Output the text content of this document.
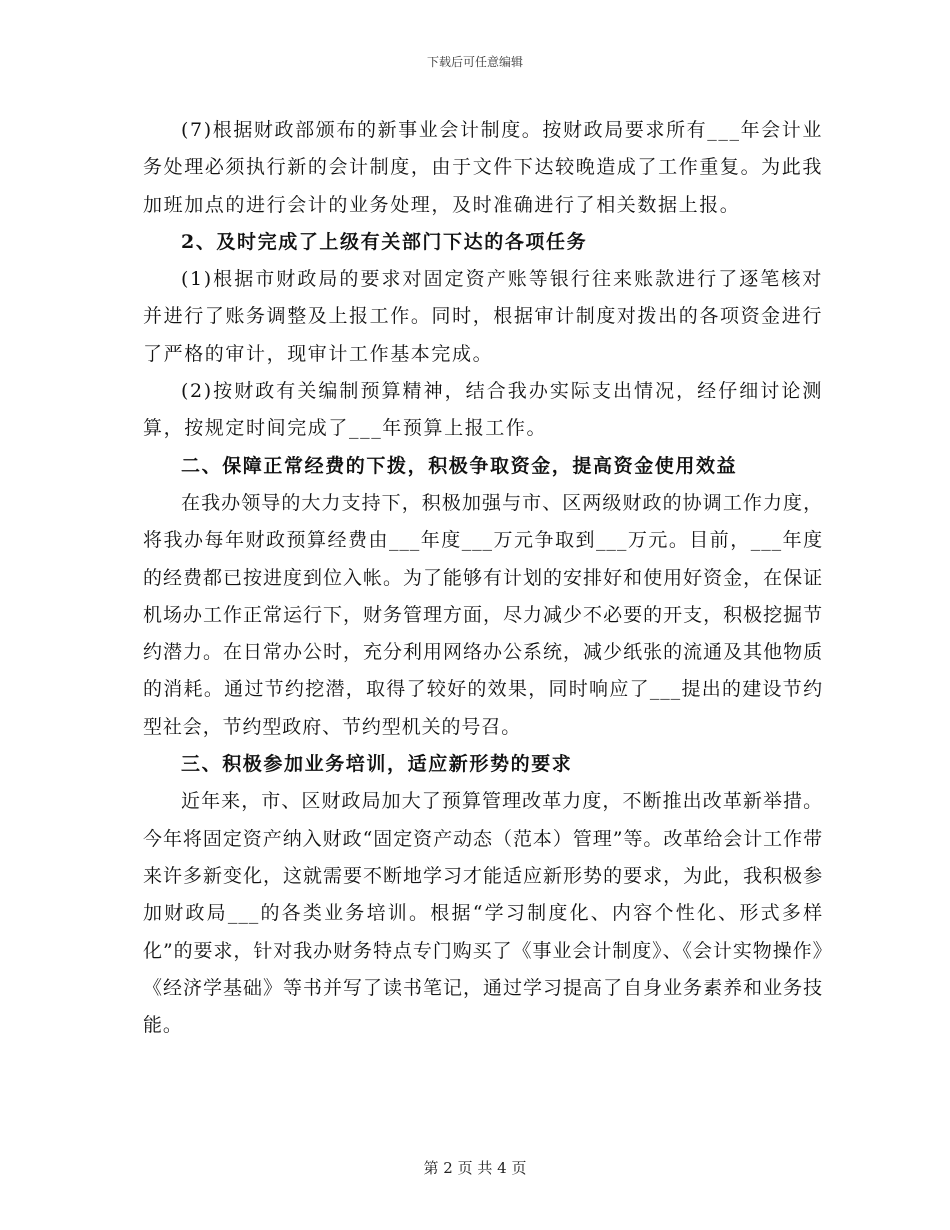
下载后可任意编辑

(7)根据财政部颁布的新事业会计制度。按财政局要求所有___年会计业务处理必须执行新的会计制度，由于文件下达较晚造成了工作重复。为此我加班加点的进行会计的业务处理，及时准确进行了相关数据上报。

2、及时完成了上级有关部门下达的各项任务

(1)根据市财政局的要求对固定资产账等银行往来账款进行了逐笔核对并进行了账务调整及上报工作。同时，根据审计制度对拨出的各项资金进行了严格的审计，现审计工作基本完成。

(2)按财政有关编制预算精神，结合我办实际支出情况，经仔细讨论测算，按规定时间完成了___年预算上报工作。

二、保障正常经费的下拨，积极争取资金，提高资金使用效益

在我办领导的大力支持下，积极加强与市、区两级财政的协调工作力度，将我办每年财政预算经费由___年度___万元争取到___万元。目前，___年度的经费都已按进度到位入帐。为了能够有计划的安排好和使用好资金，在保证机场办工作正常运行下，财务管理方面，尽力减少不必要的开支，积极挖掘节约潜力。在日常办公时，充分利用网络办公系统，减少纸张的流通及其他物质的消耗。通过节约挖潜，取得了较好的效果，同时响应了___提出的建设节约型社会，节约型政府、节约型机关的号召。

三、积极参加业务培训，适应新形势的要求

近年来，市、区财政局加大了预算管理改革力度，不断推出改革新举措。今年将固定资产纳入财政“固定资产动态（范本）管理”等。改革给会计工作带来许多新变化，这就需要不断地学习才能适应新形势的要求，为此，我积极参加财政局___的各类业务培训。根据“学习制度化、内容个性化、形式多样化”的要求，针对我办财务特点专门购买了《事业会计制度》、《会计实物操作》《经济学基础》等书并写了读书笔记，通过学习提高了自身业务素养和业务技能。

第 2 页 共 4 页
